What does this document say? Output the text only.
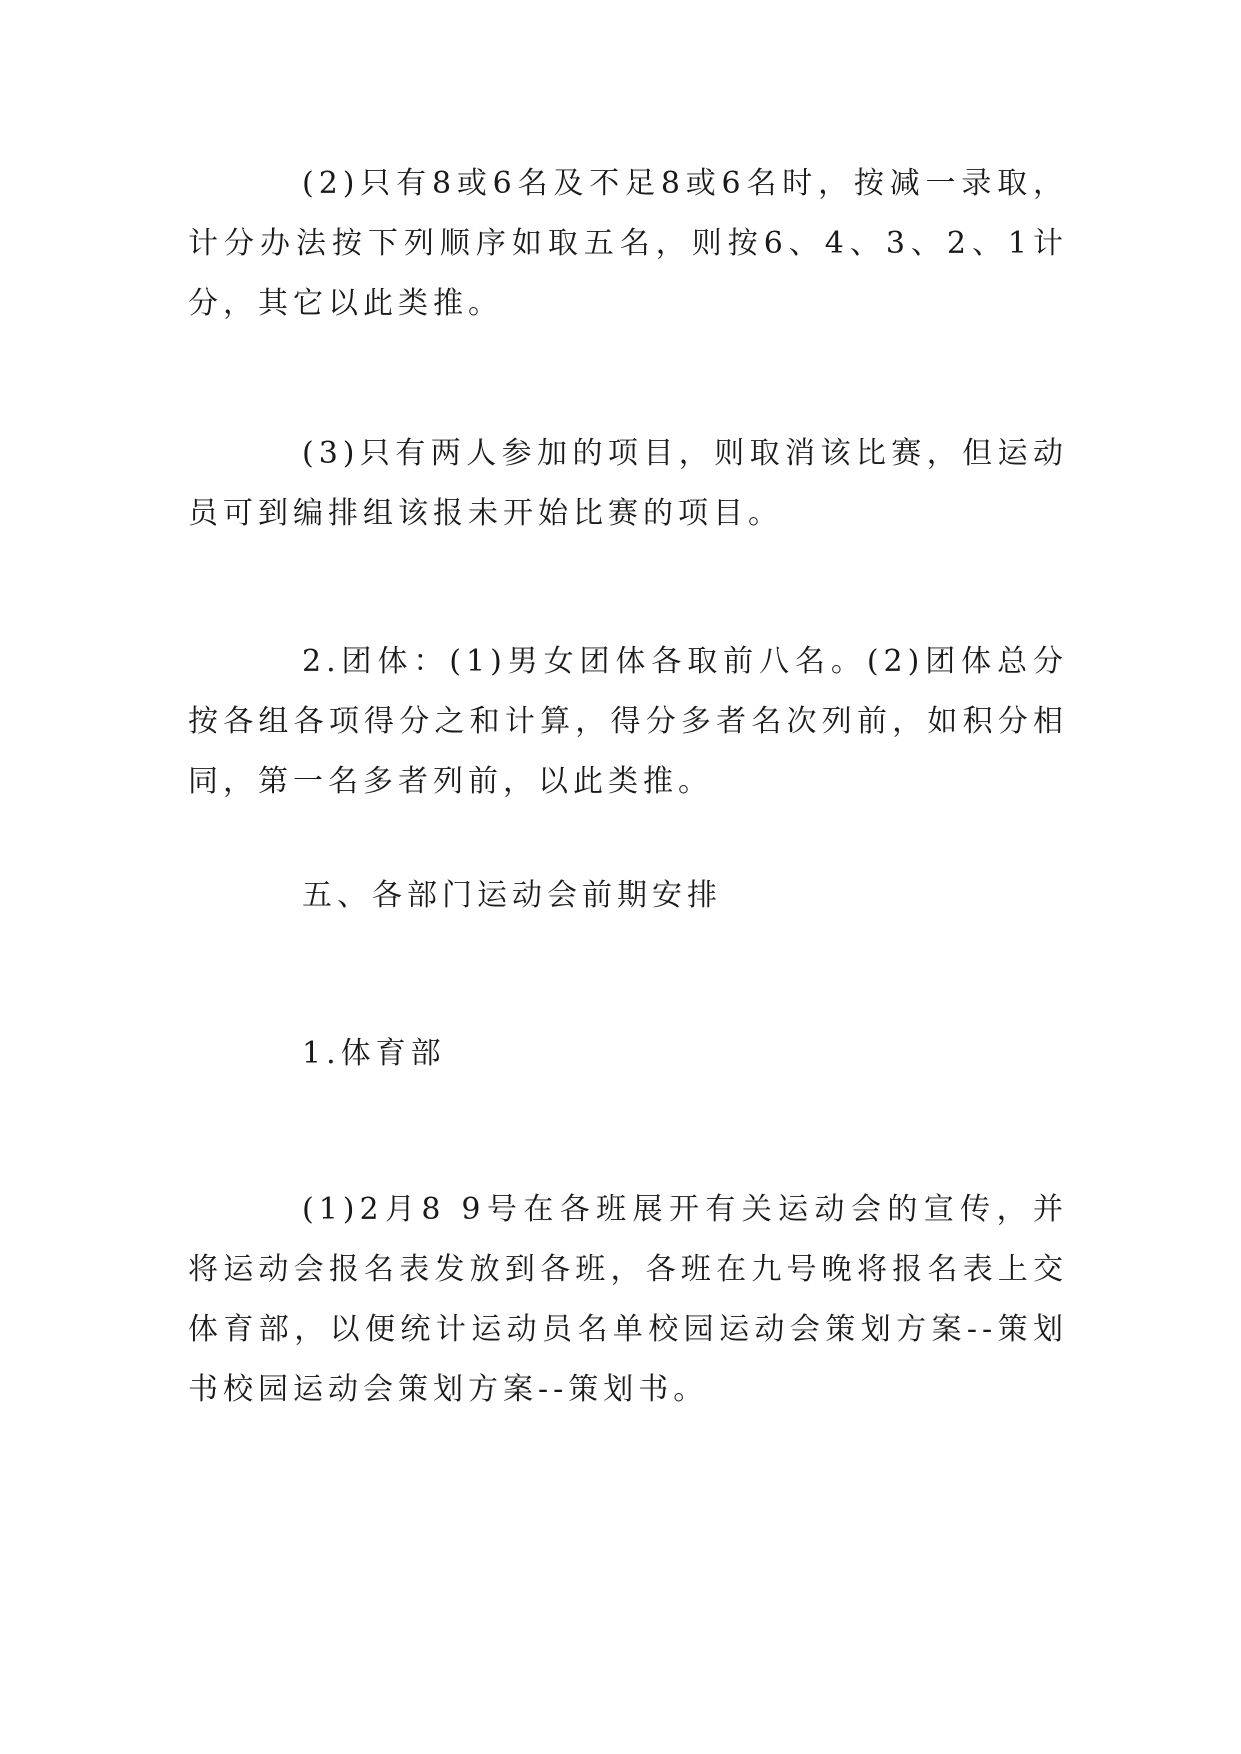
(2)只有8或6名及不足8或6名时，按减一录取，计分办法按下列顺序如取五名，则按6、4、3、2、1计分，其它以此类推。

(3)只有两人参加的项目，则取消该比赛，但运动员可到编排组该报未开始比赛的项目。

2.团体：(1)男女团体各取前八名。(2)团体总分按各组各项得分之和计算，得分多者名次列前，如积分相同，第一名多者列前，以此类推。

五、各部门运动会前期安排

1.体育部

(1)2月8 9号在各班展开有关运动会的宣传，并将运动会报名表发放到各班，各班在九号晚将报名表上交体育部，以便统计运动员名单校园运动会策划方案--策划书校园运动会策划方案--策划书。
